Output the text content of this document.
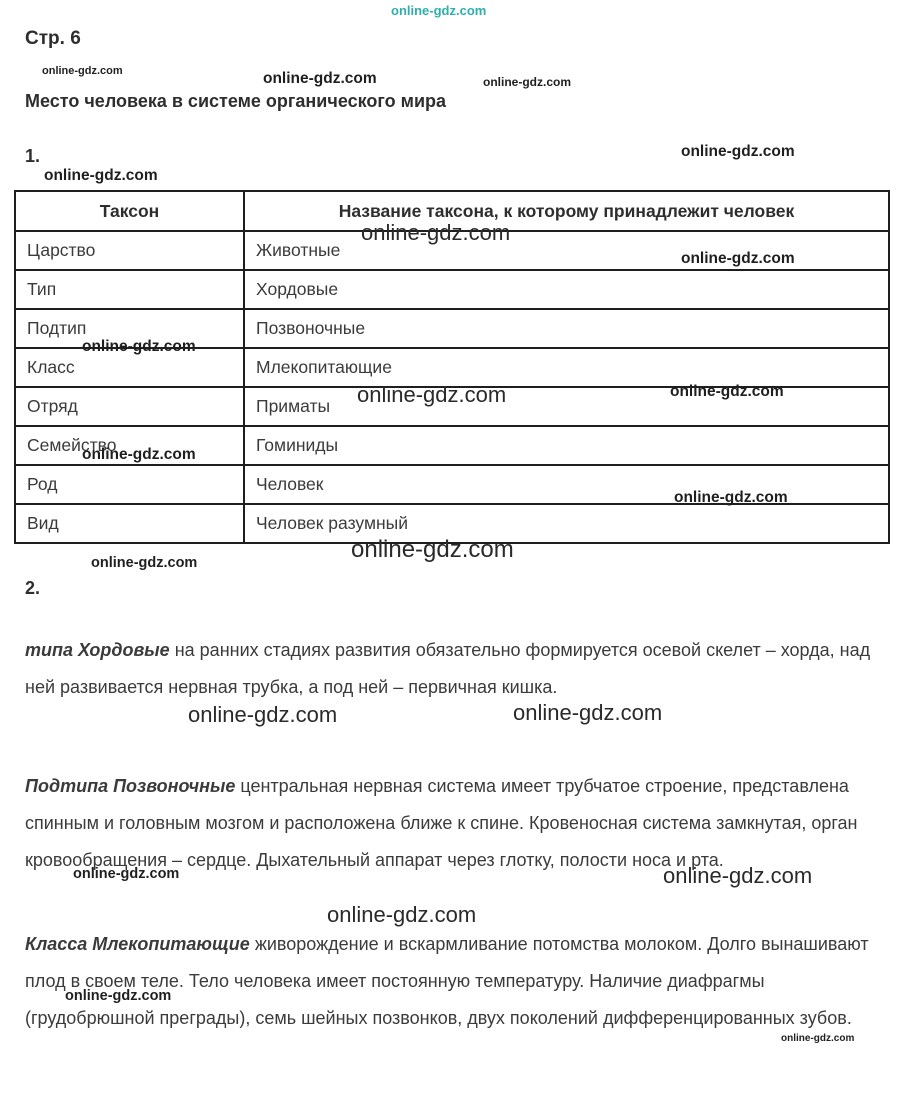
Стр. 6
Место человека в системе органического мира
1.
Таксон	Название таксона, к которому принадлежит человек
Царство	Животные
Тип	Хордовые
Подтип	Позвоночные
Класс	Млекопитающие
Отряд	Приматы
Семейство	Гоминиды
Род	Человек
Вид	Человек разумный
2.

типа Хордовые на ранних стадиях развития обязательно формируется осевой скелет – хорда, над ней развивается нервная трубка, а под ней – первичная кишка.

Подтипа Позвоночные центральная нервная система имеет трубчатое строение, представлена спинным и головным мозгом и расположена ближе к спине. Кровеносная система замкнутая, орган кровообращения – сердце. Дыхательный аппарат через глотку, полости носа и рта.

Класса Млекопитающие живорождение и вскармливание потомства молоком. Долго вынашивают плод в своем теле. Тело человека имеет постоянную температуру. Наличие диафрагмы (грудобрюшной преграды), семь шейных позвонков, двух поколений дифференцированных зубов.

online-gdz.com
online-gdz.com	online-gdz.com	online-gdz.com
online-gdz.com
online-gdz.com
online-gdz.com
online-gdz.com
online-gdz.com
online-gdz.com	online-gdz.com
online-gdz.com
online-gdz.com
online-gdz.com
online-gdz.com
online-gdz.com	online-gdz.com
online-gdz.com	online-gdz.com
online-gdz.com
online-gdz.com
online-gdz.com
